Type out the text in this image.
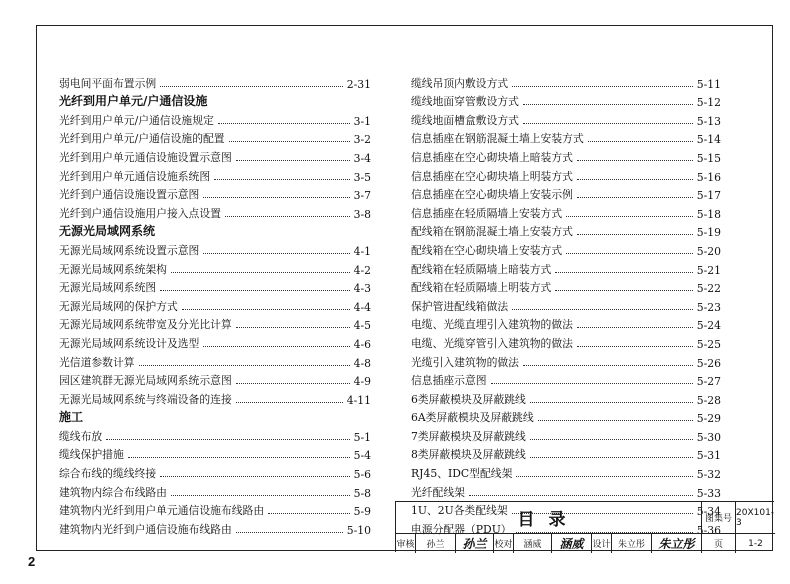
弱电间平面布置示例	2-31
光纤到用户单元/户通信设施
光纤到用户单元/户通信设施规定	3-1
光纤到用户单元/户通信设施的配置	3-2
光纤到用户单元通信设施设置示意图	3-4
光纤到用户单元通信设施系统图	3-5
光纤到户通信设施设置示意图	3-7
光纤到户通信设施用户接入点设置	3-8
无源光局域网系统
无源光局域网系统设置示意图	4-1
无源光局域网系统架构	4-2
无源光局域网系统图	4-3
无源光局域网的保护方式	4-4
无源光局域网系统带宽及分光比计算	4-5
无源光局域网系统设计及选型	4-6
光信道参数计算	4-8
园区建筑群无源光局域网系统示意图	4-9
无源光局域网系统与终端设备的连接	4-11
施工
缆线布放	5-1
缆线保护措施	5-4
综合布线的缆线终接	5-6
建筑物内综合布线路由	5-8
建筑物内光纤到用户单元通信设施布线路由	5-9
建筑物内光纤到户通信设施布线路由	5-10
缆线吊顶内敷设方式	5-11
缆线地面穿管敷设方式	5-12
缆线地面槽盒敷设方式	5-13
信息插座在钢筋混凝土墙上安装方式	5-14
信息插座在空心砌块墙上暗装方式	5-15
信息插座在空心砌块墙上明装方式	5-16
信息插座在空心砌块墙上安装示例	5-17
信息插座在轻质隔墙上安装方式	5-18
配线箱在钢筋混凝土墙上安装方式	5-19
配线箱在空心砌块墙上安装方式	5-20
配线箱在轻质隔墙上暗装方式	5-21
配线箱在轻质隔墙上明装方式	5-22
保护管进配线箱做法	5-23
电缆、光缆直埋引入建筑物的做法	5-24
电缆、光缆穿管引入建筑物的做法	5-25
光缆引入建筑物的做法	5-26
信息插座示意图	5-27
6类屏蔽模块及屏蔽跳线	5-28
6A类屏蔽模块及屏蔽跳线	5-29
7类屏蔽模块及屏蔽跳线	5-30
8类屏蔽模块及屏蔽跳线	5-31
RJ45、IDC型配线架	5-32
光纤配线架	5-33
1U、2U各类配线架	5-34
电源分配器（PDU）	5-36
目录	图集号
20X101-3
审核	孙兰	孙兰 校对	涵威	涵威 设计 朱立彤	朱立彤	页	1-2
2
